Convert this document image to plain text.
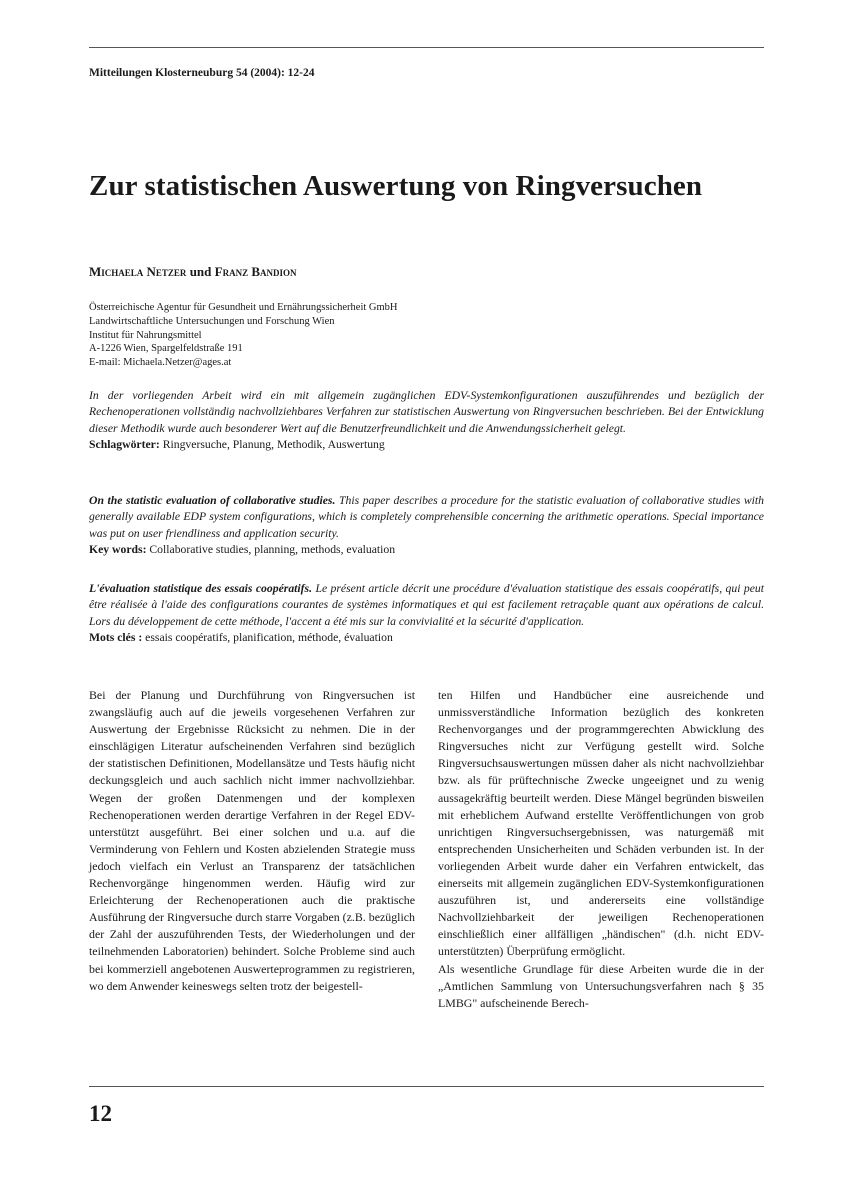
Mitteilungen Klosterneuburg 54 (2004): 12-24
Zur statistischen Auswertung von Ringversuchen
Michaela Netzer und Franz Bandion
Österreichische Agentur für Gesundheit und Ernährungssicherheit GmbH
Landwirtschaftliche Untersuchungen und Forschung Wien
Institut für Nahrungsmittel
A-1226 Wien, Spargelfeldstraße 191
E-mail: Michaela.Netzer@ages.at

In der vorliegenden Arbeit wird ein mit allgemein zugänglichen EDV-Systemkonfigurationen auszuführendes und bezüglich der Rechenoperationen vollständig nachvollziehbares Verfahren zur statistischen Auswertung von Ringversuchen beschrieben. Bei der Entwicklung dieser Methodik wurde auch besonderer Wert auf die Benutzerfreundlichkeit und die Anwendungssicherheit gelegt.

Schlagwörter: Ringversuche, Planung, Methodik, Auswertung

On the statistic evaluation of collaborative studies. This paper describes a procedure for the statistic evaluation of collaborative studies with generally available EDP system configurations, which is completely comprehensible concerning the arithmetic operations. Special importance was put on user friendliness and application security.

Key words: Collaborative studies, planning, methods, evaluation

L'évaluation statistique des essais coopératifs. Le présent article décrit une procédure d'évaluation statistique des essais coopératifs, qui peut être réalisée à l'aide des configurations courantes de systèmes informatiques et qui est facilement retraçable quant aux opérations de calcul. Lors du développement de cette méthode, l'accent a été mis sur la convivialité et la sécurité d'application.

Mots clés : essais coopératifs, planification, méthode, évaluation

Bei der Planung und Durchführung von Ringversuchen ist zwangsläufig auch auf die jeweils vorgesehenen Verfahren zur Auswertung der Ergebnisse Rücksicht zu nehmen. Die in der einschlägigen Literatur aufscheinenden Verfahren sind bezüglich der statistischen Definitionen, Modellansätze und Tests häufig nicht deckungsgleich und auch sachlich nicht immer nachvollziehbar. Wegen der großen Datenmengen und der komplexen Rechenoperationen werden derartige Verfahren in der Regel EDV-unterstützt ausgeführt. Bei einer solchen und u.a. auf die Verminderung von Fehlern und Kosten abzielenden Strategie muss jedoch vielfach ein Verlust an Transparenz der tatsächlichen Rechenvorgänge hingenommen werden. Häufig wird zur Erleichterung der Rechenoperationen auch die praktische Ausführung der Ringversuche durch starre Vorgaben (z.B. bezüglich der Zahl der auszuführenden Tests, der Wiederholungen und der teilnehmenden Laboratorien) behindert. Solche Probleme sind auch bei kommerziell angebotenen Auswerteprogrammen zu registrieren, wo dem Anwender keineswegs selten trotz der beigestell-

ten Hilfen und Handbücher eine ausreichende und unmissverständliche Information bezüglich des konkreten Rechenvorganges und der programmgerechten Abwicklung des Ringversuches nicht zur Verfügung gestellt wird. Solche Ringversuchsauswertungen müssen daher als nicht nachvollziehbar bzw. als für prüftechnische Zwecke ungeeignet und zu wenig aussagekräftig beurteilt werden. Diese Mängel begründen bisweilen mit erheblichem Aufwand erstellte Veröffentlichungen von grob unrichtigen Ringversuchsergebnissen, was naturgemäß mit entsprechenden Unsicherheiten und Schäden verbunden ist. In der vorliegenden Arbeit wurde daher ein Verfahren entwickelt, das einerseits mit allgemein zugänglichen EDV-Systemkonfigurationen auszuführen ist, und andererseits eine vollständige Nachvollziehbarkeit der jeweiligen Rechenoperationen einschließlich einer allfälligen „händischen" (d.h. nicht EDV-unterstützten) Überprüfung ermöglicht.

Als wesentliche Grundlage für diese Arbeiten wurde die in der „Amtlichen Sammlung von Untersuchungsverfahren nach § 35 LMBG" aufscheinende Berech-

12
